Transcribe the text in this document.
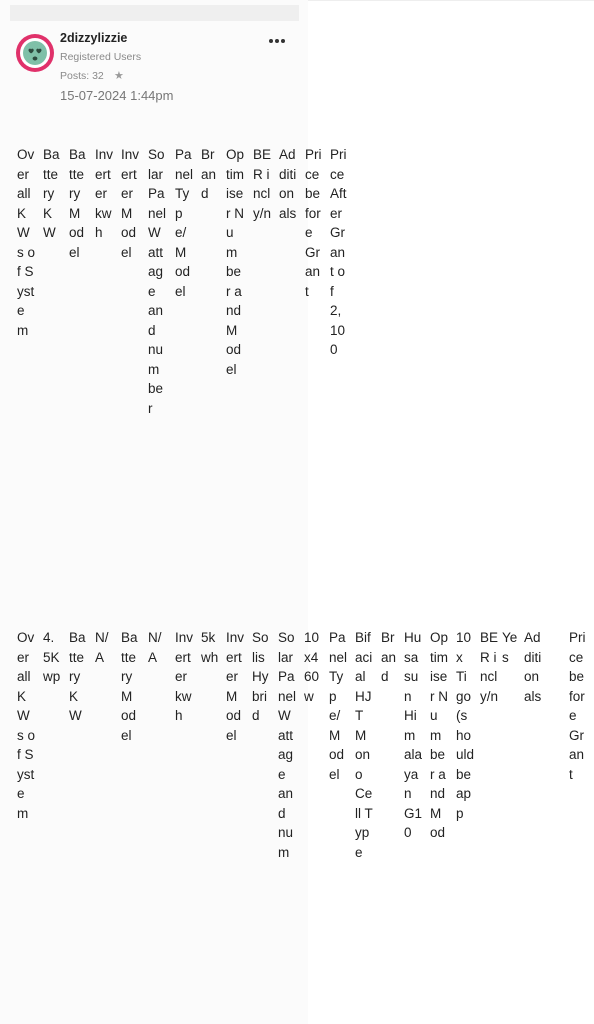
2dizzylizzie
Registered Users
Posts: 32 ★
15-07-2024 1:44pm
Overall KWs of System
Battery KW
Battery Model
Inverter kwh
Inverter Model
Solar Panel Wattage and number
Panel Type/ Model
Brand
Optimiser Number and Model
BER incl y/n
Additionals
Price before Grant
Price After Grant of 2,100
Overall KWs of System
4.5Kwp
Battery KW
N/A
Battery Model
N/A
Inverter kwh
5kwh
Inverter Model
Solis Hybrid
Solar Panel Wattage and num
10x460w
Panel Type/ Model
Bifacial HJT Mono Cell Type
Brand
Husasun Himalayan G10
Optimiser Number and Mod
10x Tigo (should be app
BER incl y/n
Yes
Additionals
Price before Grant
